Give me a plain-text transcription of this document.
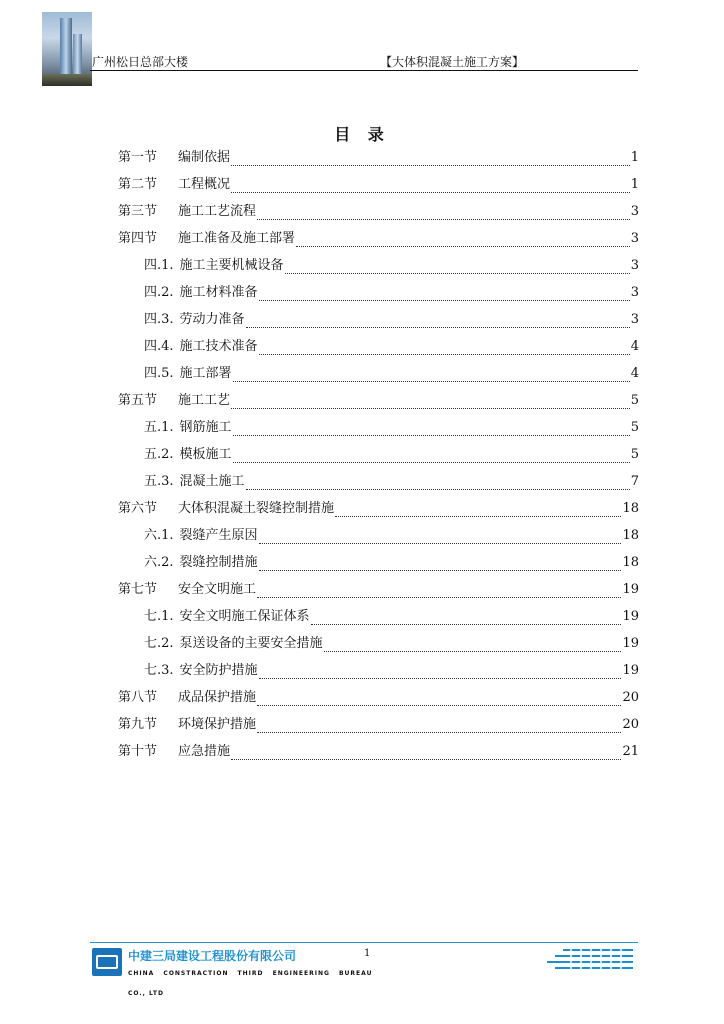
广州松日总部大楼	【大体积混凝土施工方案】
目 录
第一节	编制依据	1
第二节	工程概况	1
第三节	施工工艺流程	3
第四节	施工准备及施工部署	3
四.1. 施工主要机械设备	3
四.2. 施工材料准备	3
四.3. 劳动力准备	3
四.4. 施工技术准备	4
四.5. 施工部署	4
第五节	施工工艺	5
五.1. 钢筋施工	5
五.2. 模板施工	5
五.3. 混凝土施工	7
第六节	大体积混凝土裂缝控制措施	18
六.1. 裂缝产生原因	18
六.2. 裂缝控制措施	18
第七节	安全文明施工	19
七.1. 安全文明施工保证体系	19
七.2. 泵送设备的主要安全措施	19
七.3. 安全防护措施	19
第八节	成品保护措施	20
第九节	环境保护措施	20
第十节	应急措施	21
中建三局建设工程股份有限公司
CHINA CONSTRACTION THIRD ENGINEERING BUREAU
CO., LTD
1
